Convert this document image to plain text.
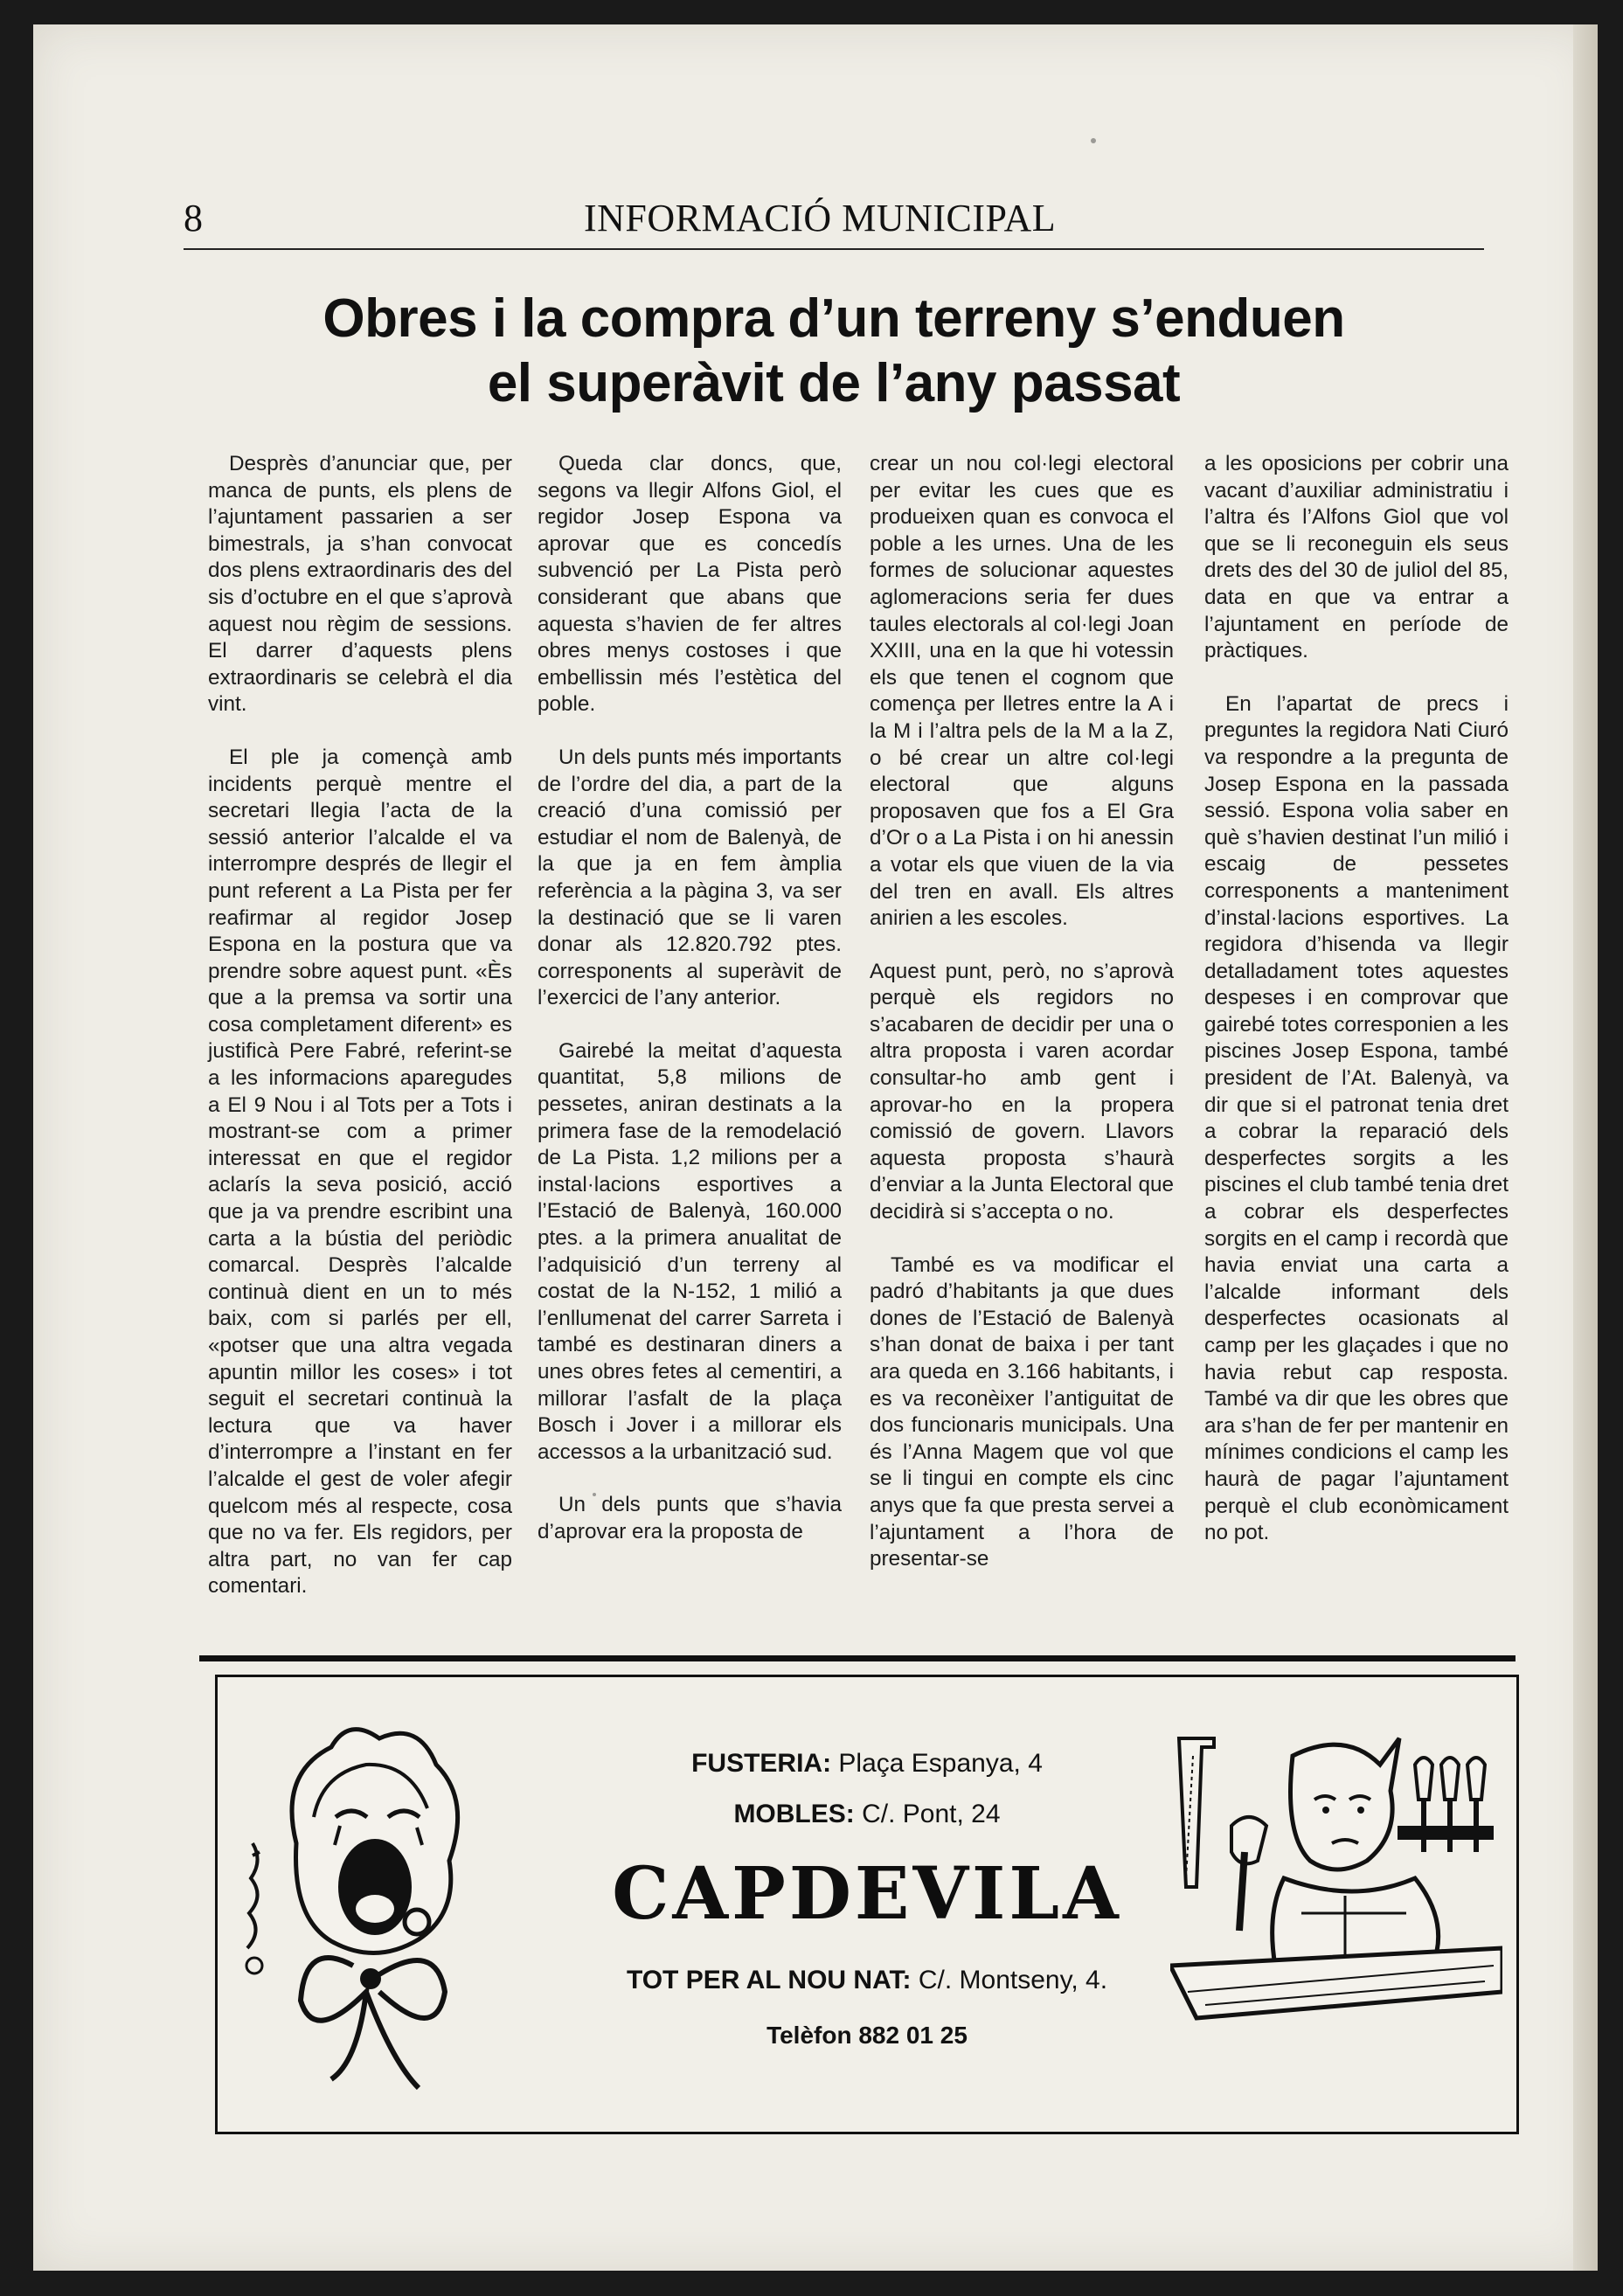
8	INFORMACIÓ MUNICIPAL
Obres i la compra d’un terreny s’enduen
el superàvit de l’any passat

Desprès d’anunciar que, per manca de punts, els plens de l’ajuntament passarien a ser bimestrals, ja s’han convocat dos plens extraordinaris des del sis d’octubre en el que s’aprovà aquest nou règim de sessions. El darrer d’aquests plens extraordinaris se celebrà el dia vint.

El ple ja començà amb incidents perquè mentre el secretari llegia l’acta de la sessió anterior l’alcalde el va interrompre després de llegir el punt referent a La Pista per fer reafirmar al regidor Josep Espona en la postura que va prendre sobre aquest punt. «Ès que a la premsa va sortir una cosa completament diferent» es justificà Pere Fabré, referint-se a les informacions aparegudes a El 9 Nou i al Tots per a Tots i mostrant-se com a primer interessat en que el regidor aclarís la seva posició, acció que ja va prendre escribint una carta a la bústia del periòdic comarcal. Desprès l’alcalde continuà dient en un to més baix, com si parlés per ell, «potser que una altra vegada apuntin millor les coses» i tot seguit el secretari continuà la lectura que va haver d’interrompre a l’instant en fer l’alcalde el gest de voler afegir quelcom més al respecte, cosa que no va fer. Els regidors, per altra part, no van fer cap comentari.

Queda clar doncs, que, segons va llegir Alfons Giol, el regidor Josep Espona va aprovar que es concedís subvenció per La Pista però considerant que abans que aquesta s’havien de fer altres obres menys costoses i que embellissin més l’estètica del poble.

Un dels punts més importants de l’ordre del dia, a part de la creació d’una comissió per estudiar el nom de Balenyà, de la que ja en fem àmplia referència a la pàgina 3, va ser la destinació que se li varen donar als 12.820.792 ptes. corresponents al superàvit de l’exercici de l’any anterior.

Gairebé la meitat d’aquesta quantitat, 5,8 milions de pessetes, aniran destinats a la primera fase de la remodelació de La Pista. 1,2 milions per a instal·lacions esportives a l’Estació de Balenyà, 160.000 ptes. a la primera anualitat de l’adquisició d’un terreny al costat de la N-152, 1 milió a l’enllumenat del carrer Sarreta i també es destinaran diners a unes obres fetes al cementiri, a millorar l’asfalt de la plaça Bosch i Jover i a millorar els accessos a la urbanització sud.

Un dels punts que s’havia d’aprovar era la proposta de

crear un nou col·legi electoral per evitar les cues que es produeixen quan es convoca el poble a les urnes. Una de les formes de solucionar aquestes aglomeracions seria fer dues taules electorals al col·legi Joan XXIII, una en la que hi votessin els que tenen el cognom que comença per lletres entre la A i la M i l’altra pels de la M a la Z, o bé crear un altre col·legi electoral que alguns proposaven que fos a El Gra d’Or o a La Pista i on hi anessin a votar els que viuen de la via del tren en avall. Els altres anirien a les escoles.

Aquest punt, però, no s’aprovà perquè els regidors no s’acabaren de decidir per una o altra proposta i varen acordar consultar-ho amb gent i aprovar-ho en la propera comissió de govern. Llavors aquesta proposta s’haurà d’enviar a la Junta Electoral que decidirà si s’accepta o no.

També es va modificar el padró d’habitants ja que dues dones de l’Estació de Balenyà s’han donat de baixa i per tant ara queda en 3.166 habitants, i es va reconèixer l’antiguitat de dos funcionaris municipals. Una és l’Anna Magem que vol que se li tingui en compte els cinc anys que fa que presta servei a l’ajuntament a l’hora de presentar-se

a les oposicions per cobrir una vacant d’auxiliar administratiu i l’altra és l’Alfons Giol que vol que se li reconeguin els seus drets des del 30 de juliol del 85, data en que va entrar a l’ajuntament en període de pràctiques.

En l’apartat de precs i preguntes la regidora Nati Ciuró va respondre a la pregunta de Josep Espona en la passada sessió. Espona volia saber en què s’havien destinat l’un milió i escaig de pessetes corresponents a manteniment d’instal·lacions esportives. La regidora d’hisenda va llegir detalladament totes aquestes despeses i en comprovar que gairebé totes corresponien a les piscines Josep Espona, també president de l’At. Balenyà, va dir que si el patronat tenia dret a cobrar la reparació dels desperfectes sorgits a les piscines el club també tenia dret a cobrar els desperfectes sorgits en el camp i recordà que havia enviat una carta a l’alcalde informant dels desperfectes ocasionats al camp per les glaçades i que no havia rebut cap resposta. També va dir que les obres que ara s’han de fer per mantenir en mínimes condicions el camp les haurà de pagar l’ajuntament perquè el club econòmicament no pot.

FUSTERIA: Plaça Espanya, 4
MOBLES: C/. Pont, 24
CAPDEVILA
TOT PER AL NOU NAT: C/. Montseny, 4.
Telèfon 882 01 25
